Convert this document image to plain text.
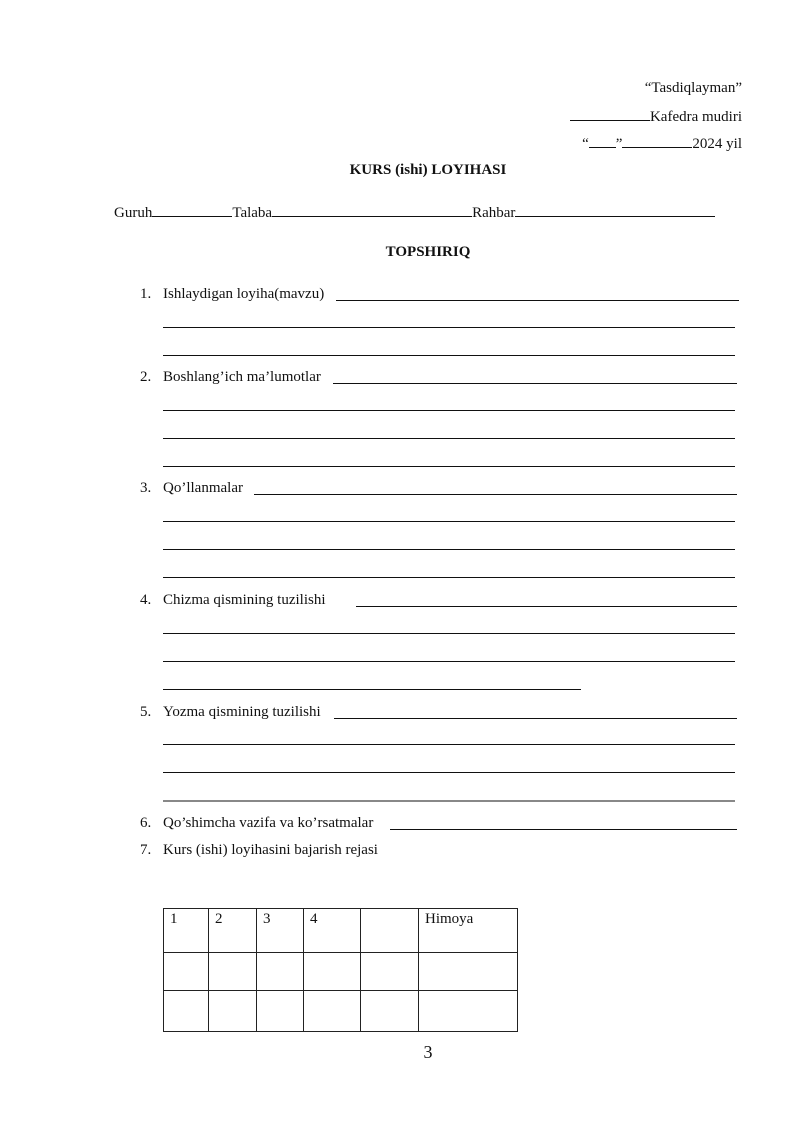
“Tasdiqlayman”
Kafedra mudiri
“ ”	2024 yil
KURS (ishi) LOYIHASI
Guruh	Talaba	Rahbar
TOPSHIRIQ
1. Ishlaydigan loyiha(mavzu)
2. Boshlang’ich ma’lumotlar
3. Qo’llanmalar
4. Chizma qismining tuzilishi
5. Yozma qismining tuzilishi
6. Qo’shimcha vazifa va ko’rsatmalar
7. Kurs (ishi) loyihasini bajarish rejasi
1	2	3	4		Himoya

3
